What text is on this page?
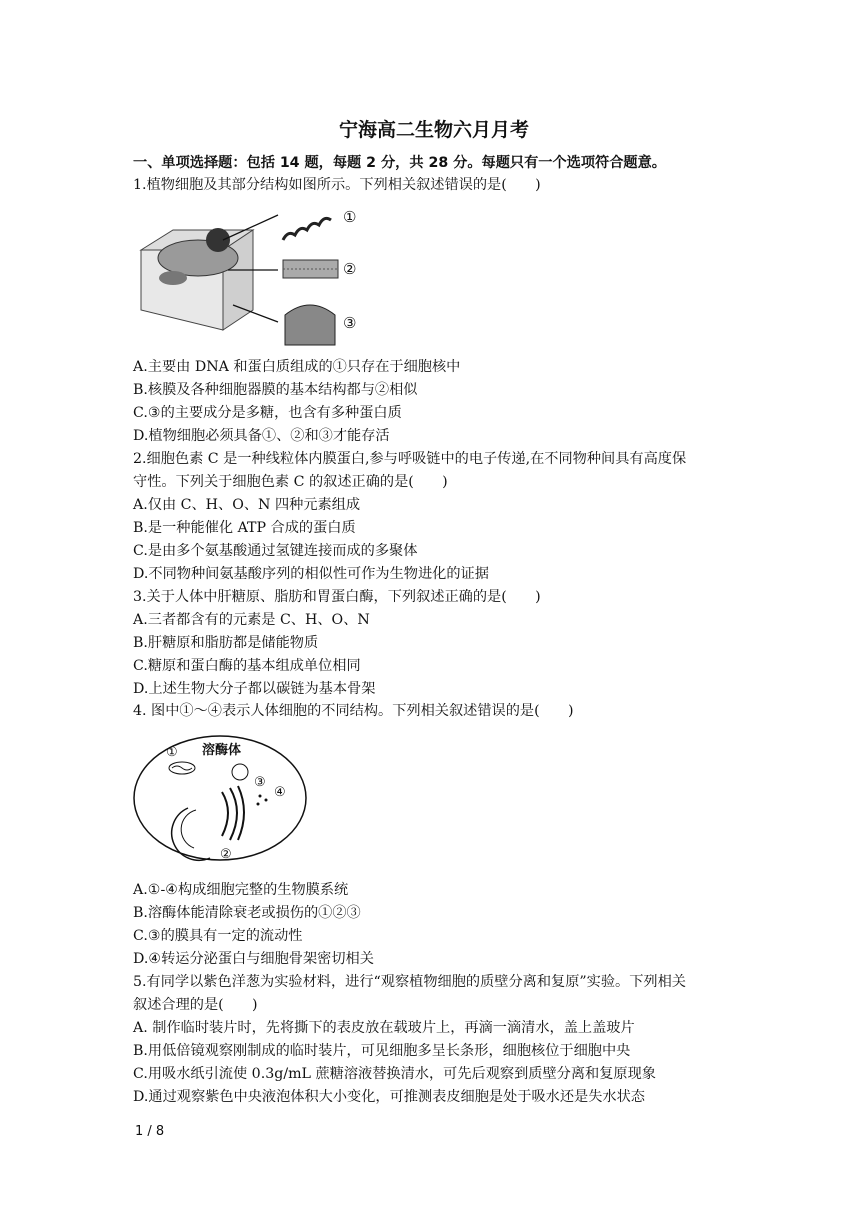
宁海高二生物六月月考
一、单项选择题：包括 14 题，每题 2 分，共 28 分。每题只有一个选项符合题意。
1.植物细胞及其部分结构如图所示。下列相关叙述错误的是(　　)
①
②
③
A.主要由 DNA 和蛋白质组成的①只存在于细胞核中
B.核膜及各种细胞器膜的基本结构都与②相似
C.③的主要成分是多糖，也含有多种蛋白质
D.植物细胞必须具备①、②和③才能存活
2.细胞色素 C 是一种线粒体内膜蛋白,参与呼吸链中的电子传递,在不同物种间具有高度保
守性。下列关于细胞色素 C 的叙述正确的是(　　)
A.仅由 C、H、O、N 四种元素组成
B.是一种能催化 ATP 合成的蛋白质
C.是由多个氨基酸通过氢键连接而成的多聚体
D.不同物种间氨基酸序列的相似性可作为生物进化的证据
3.关于人体中肝糖原、脂肪和胃蛋白酶，下列叙述正确的是(　　)
A.三者都含有的元素是 C、H、O、N
B.肝糖原和脂肪都是储能物质
C.糖原和蛋白酶的基本组成单位相同
D.上述生物大分子都以碳链为基本骨架
4. 图中①～④表示人体细胞的不同结构。下列相关叙述错误的是(　　)
① 溶酶体
③
④
②
A.①-④构成细胞完整的生物膜系统
B.溶酶体能清除衰老或损伤的①②③
C.③的膜具有一定的流动性
D.④转运分泌蛋白与细胞骨架密切相关
5.有同学以紫色洋葱为实验材料，进行“观察植物细胞的质壁分离和复原”实验。下列相关
叙述合理的是(　　)
A. 制作临时装片时，先将撕下的表皮放在载玻片上，再滴一滴清水，盖上盖玻片
B.用低倍镜观察刚制成的临时装片，可见细胞多呈长条形，细胞核位于细胞中央
C.用吸水纸引流使 0.3g/mL 蔗糖溶液替换清水，可先后观察到质壁分离和复原现象
D.通过观察紫色中央液泡体积大小变化，可推测表皮细胞是处于吸水还是失水状态
1 / 8
